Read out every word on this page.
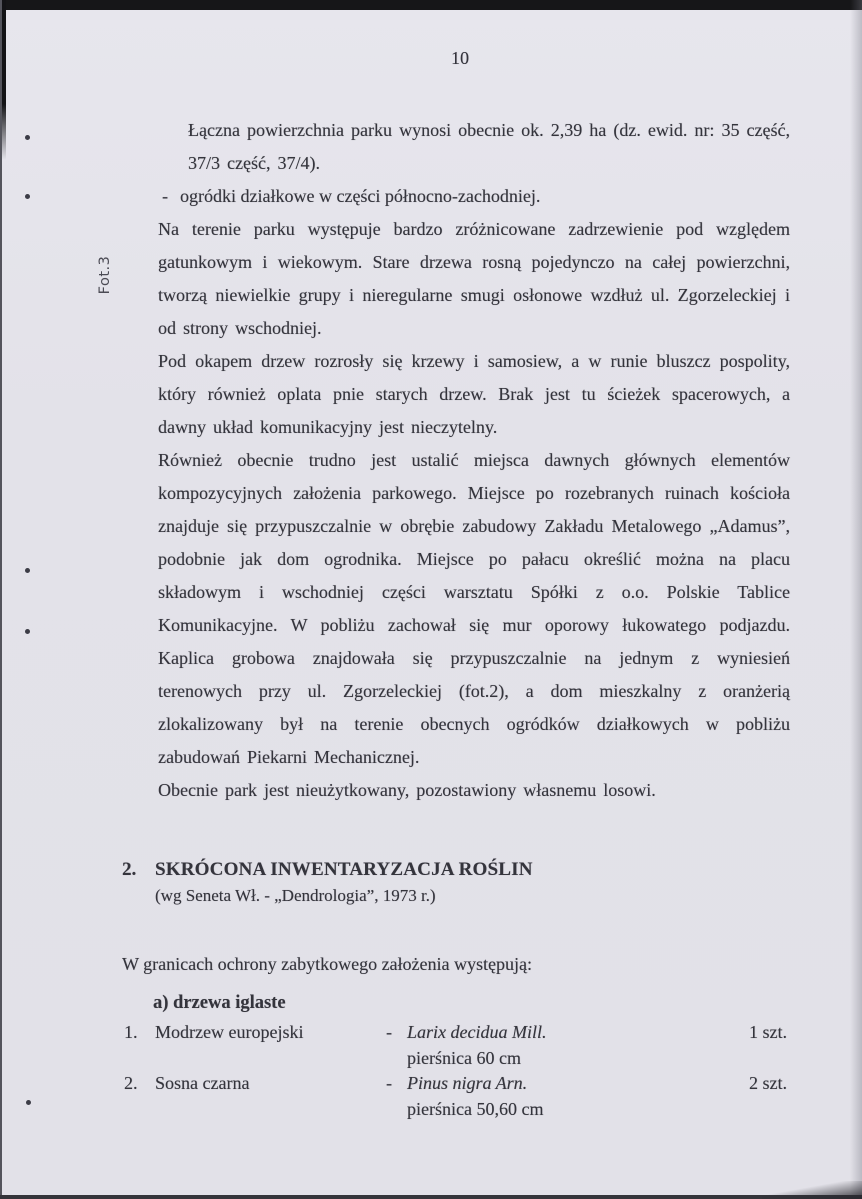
10
Fot.3

Łączna powierzchnia parku wynosi obecnie ok. 2,39 ha (dz. ewid. nr: 35 część, 37/3 część, 37/4).

- ogródki działkowe w części północno-zachodniej.

Na terenie parku występuje bardzo zróżnicowane zadrzewienie pod względem gatunkowym i wiekowym. Stare drzewa rosną pojedynczo na całej powierzchni, tworzą niewielkie grupy i nieregularne smugi osłonowe wzdłuż ul. Zgorzeleckiej i od strony wschodniej.

Pod okapem drzew rozrosły się krzewy i samosiew, a w runie bluszcz pospolity, który również oplata pnie starych drzew. Brak jest tu ścieżek spacerowych, a dawny układ komunikacyjny jest nieczytelny.

Również obecnie trudno jest ustalić miejsca dawnych głównych elementów kompozycyjnych założenia parkowego. Miejsce po rozebranych ruinach kościoła znajduje się przypuszczalnie w obrębie zabudowy Zakładu Metalowego „Adamus”, podobnie jak dom ogrodnika. Miejsce po pałacu określić można na placu składowym i wschodniej części warsztatu Spółki z o.o. Polskie Tablice Komunikacyjne. W pobliżu zachował się mur oporowy łukowatego podjazdu. Kaplica grobowa znajdowała się przypuszczalnie na jednym z wyniesień terenowych przy ul. Zgorzeleckiej (fot.2), a dom mieszkalny z oranżerią zlokalizowany był na terenie obecnych ogródków działkowych w pobliżu zabudowań Piekarni Mechanicznej.

Obecnie park jest nieużytkowany, pozostawiony własnemu losowi.

2. SKRÓCONA INWENTARYZACJA ROŚLIN
(wg Seneta Wł. - „Dendrologia”, 1973 r.)
W granicach ochrony zabytkowego założenia występują:
a) drzewa iglaste
1. Modrzew europejski	- Larix decidua Mill.	1 szt.
pierśnica 60 cm
2. Sosna czarna	- Pinus nigra Arn.	2 szt.
pierśnica 50,60 cm
